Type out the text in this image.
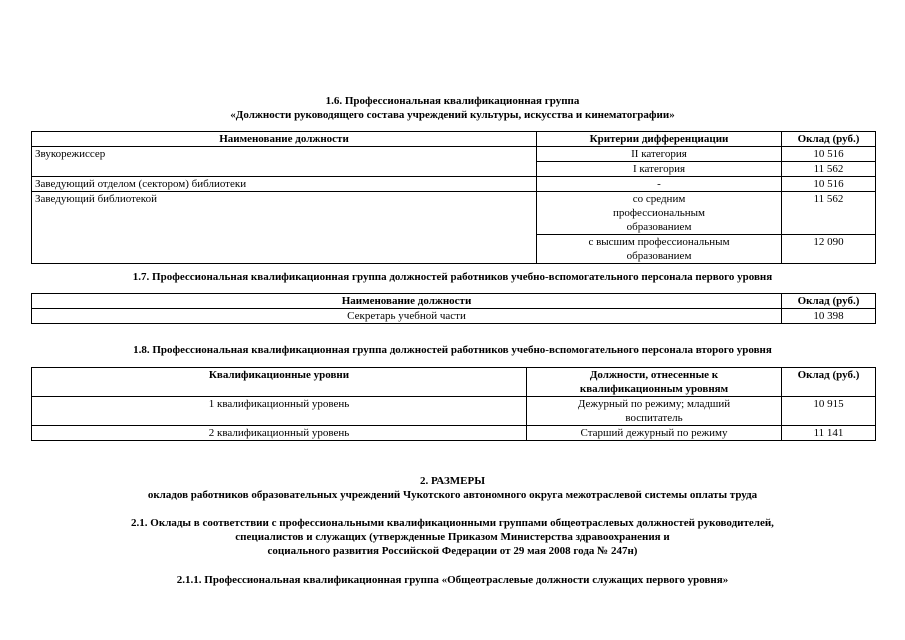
1.6. Профессиональная квалификационная группа
«Должности руководящего состава учреждений культуры, искусства и кинематографии»
Наименование должности	Критерии дифференциации	Оклад (руб.)
Звукорежиссер	II категория	10 516
	I категория	11 562
Заведующий отделом (сектором) библиотеки	-	10 516
Заведующий библиотекой	со средним профессиональным образованием	11 562
	с высшим профессиональным образованием	12 090
1.7. Профессиональная квалификационная группа должностей работников учебно-вспомогательного персонала первого уровня
Наименование должности	Оклад (руб.)
Секретарь учебной части	10 398
1.8. Профессиональная квалификационная группа должностей работников учебно-вспомогательного персонала второго уровня
Квалификационные уровни	Должности, отнесенные к квалификационным уровням	Оклад (руб.)
1 квалификационный уровень	Дежурный по режиму; младший воспитатель	10 915
2 квалификационный уровень	Старший дежурный по режиму	11 141
2. РАЗМЕРЫ
окладов работников образовательных учреждений Чукотского автономного округа межотраслевой системы оплаты труда
2.1. Оклады в соответствии с профессиональными квалификационными группами общеотраслевых должностей руководителей,
специалистов и служащих (утвержденные Приказом Министерства здравоохранения и
социального развития Российской Федерации от 29 мая 2008 года № 247н)
2.1.1. Профессиональная квалификационная группа «Общеотраслевые должности служащих первого уровня»
